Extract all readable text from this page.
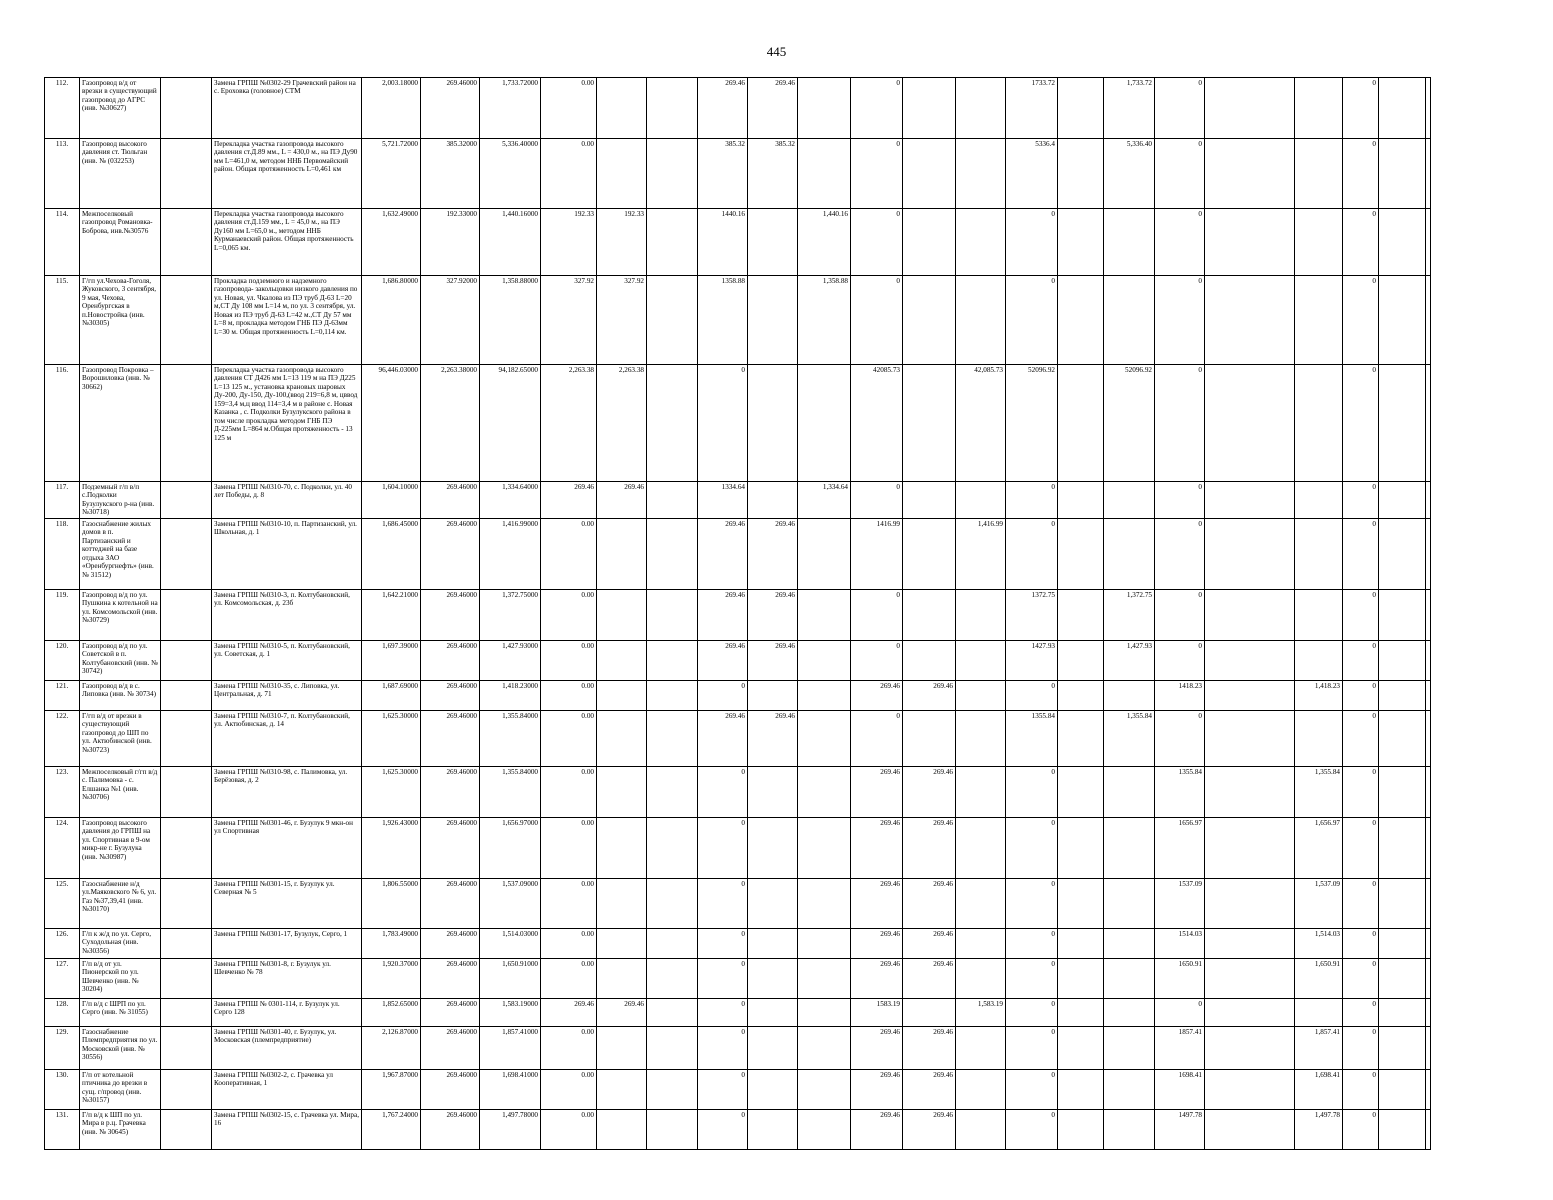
445
112.	Газопровод в/д от врезки в существующий газопровод до АГРС (инв. №30627)		Замена ГРПШ №0302-29 Грачевский район на с. Ероховка (головное) СТМ	2,003.18000	269.46000	1,733.72000	0.00			269.46	269.46		0			1733.72		1,733.72	0			0		
113.	Газопровод высокого давления ст. Тюльган (инв. № (032253)		Перекладка участка газопровода высокого давления ст.Д.89 мм., L = 430,0 м., на ПЭ Ду90 мм L=461,0 м, методом ННБ Первомайский район. Общая протяженность L=0,461 км	5,721.72000	385.32000	5,336.40000	0.00			385.32	385.32		0			5336.4		5,336.40	0			0		
114.	Межпоселковый газопровод Романовка-Боброва, инв.№30576		Перекладка участка газопровода высокого давления ст.Д.159 мм., L = 45,0 м., на ПЭ Ду160 мм L=65,0 м., методом ННБ Курманаевский район. Общая протяженность L=0,065 км.	1,632.49000	192.33000	1,440.16000	192.33	192.33		1440.16		1,440.16	0			0			0			0		
115.	Г/гп ул.Чехова-Гоголя, Жуковского, 3 сентября, 9 мая, Чехова, Оренбургская в п.Новостройка (инв. №30305)		Прокладка подземного и надземного газопровода- закольцовки низкого давления по ул. Новая, ул. Чкалова из ПЭ труб Д-63 L=20 м,СТ Ду 108 мм L=14 м, по ул. 3 сентября, ул. Новая из ПЭ труб Д-63 L=42 м.,СТ Ду 57 мм L=8 м, прокладка методом ГНБ ПЭ Д-63мм L=30 м. Общая протяженность L=0,114 км.	1,686.80000	327.92000	1,358.88000	327.92	327.92		1358.88		1,358.88	0			0			0			0		
116.	Газопровод Покровка – Ворошиловка (инв. № 30662)		Перекладка участка газопровода высокого давления СТ Д426 мм L=13 119 м на ПЭ Д225 L=13 125 м., установка крановых шаровых Ду-200, Ду-150, Ду-100,(ввод 219=6,8 м, цввод 159=3,4 м,ц ввод 114=3,4 м в районе с. Новая Казанка , с. Подколки Бузулукского района в том числе прокладка методом ГНБ ПЭ Д-225мм L=864 м.Общая протяженность - 13 125 м	96,446.03000	2,263.38000	94,182.65000	2,263.38	2,263.38		0			42085.73		42,085.73	52096.92		52096.92	0			0		
117.	Подземный г/п в/п с.Подколки Бузулукского р-на (инв. №30718)		Замена ГРПШ №0310-70, с. Подколки, ул. 40 лет Победы, д. 8	1,604.10000	269.46000	1,334.64000	269.46	269.46		1334.64		1,334.64	0			0			0			0		
118.	Газоснабжение жилых домов в п. Партизанский и коттеджей на базе отдыха ЗАО «Оренбургнефть» (инв. № 31512)		Замена ГРПШ №0310-10, п. Партизанский, ул. Школьная, д. 1	1,686.45000	269.46000	1,416.99000	0.00			269.46	269.46		1416.99		1,416.99	0			0			0		
119.	Газопровод в/д по ул. Пушкина к котельной на ул. Комсомольской (инв. №30729)		Замена ГРПШ №0310-3, п. Колтубановский, ул. Комсомольская, д. 23б	1,642.21000	269.46000	1,372.75000	0.00			269.46	269.46		0			1372.75		1,372.75	0			0		
120.	Газопровод в/д по ул. Советской в п. Колтубановский (инв. № 30742)		Замена ГРПШ №0310-5, п. Колтубановский, ул. Советская, д. 1	1,697.39000	269.46000	1,427.93000	0.00			269.46	269.46		0			1427.93		1,427.93	0			0		
121.	Газопровод в/д в с. Липовка (инв. № 30734)		Замена ГРПШ №0310-35, с. Липовка, ул. Центральная, д. 71	1,687.69000	269.46000	1,418.23000	0.00			0			269.46	269.46		0			1418.23		1,418.23	0		
122.	Г/гп в/д от врезки в существующий газопровод до ШП по ул. Актюбинской (инв. №30723)		Замена ГРПШ №0310-7, п. Колтубановский, ул. Актюбинская, д. 14	1,625.30000	269.46000	1,355.84000	0.00			269.46	269.46		0			1355.84		1,355.84	0			0		
123.	Межпоселковый г/гп в/д с. Палимовка - с. Елшанка №1 (инв. №30706)		Замена ГРПШ №0310-98, с. Палимовка, ул. Берёзовая, д. 2	1,625.30000	269.46000	1,355.84000	0.00			0			269.46	269.46		0			1355.84		1,355.84	0		
124.	Газопровод высокого давления до ГРПШ на ул. Спортивная в 9-ом микр-не г. Бузулука (инв. №30987)		Замена ГРПШ №0301-46, г. Бузулук 9 мкн-он ул Спортивная	1,926.43000	269.46000	1,656.97000	0.00			0			269.46	269.46		0			1656.97		1,656.97	0		
125.	Газоснабжение н/д ул.Маяковского № 6, ул. Газ №37,39,41 (инв. №30170)		Замена ГРПШ №0301-15, г. Бузулук ул. Северная № 5	1,806.55000	269.46000	1,537.09000	0.00			0			269.46	269.46		0			1537.09		1,537.09	0		
126.	Г/п к ж/д по ул. Серго, Суходольная (инв. №30356)		Замена ГРПШ №0301-17, Бузулук, Серго, 1	1,783.49000	269.46000	1,514.03000	0.00			0			269.46	269.46		0			1514.03		1,514.03	0		
127.	Г/п в/д от ул. Пионерской по ул. Шевченко (инв. № 30204)		Замена ГРПШ №0301-8, г. Бузулук ул. Шевченко № 78	1,920.37000	269.46000	1,650.91000	0.00			0			269.46	269.46		0			1650.91		1,650.91	0		
128.	Г/п в/д с ШРП по ул. Серго (инв. № 31055)		Замена ГРПШ № 0301-114, г. Бузулук ул. Серго 128	1,852.65000	269.46000	1,583.19000	269.46	269.46		0			1583.19		1,583.19	0			0			0		
129.	Газоснабжение Племпредприятия по ул. Московской (инв. № 30556)		Замена ГРПШ №0301-40, г. Бузулук, ул. Московская (племпредприятие)	2,126.87000	269.46000	1,857.41000	0.00			0			269.46	269.46		0			1857.41		1,857.41	0		
130.	Г/п от котельной птичника до врезки в сущ. г/провод (инв. №30157)		Замена ГРПШ №0302-2, с. Грачевка ул Кооперативная, 1	1,967.87000	269.46000	1,698.41000	0.00			0			269.46	269.46		0			1698.41		1,698.41	0		
131.	Г/п в/д к ШП по ул. Мира в р.ц. Грачевка (инв. № 30645)		Замена ГРПШ №0302-15, с. Грачевка ул. Мира, 16	1,767.24000	269.46000	1,497.78000	0.00			0			269.46	269.46		0			1497.78		1,497.78	0		
